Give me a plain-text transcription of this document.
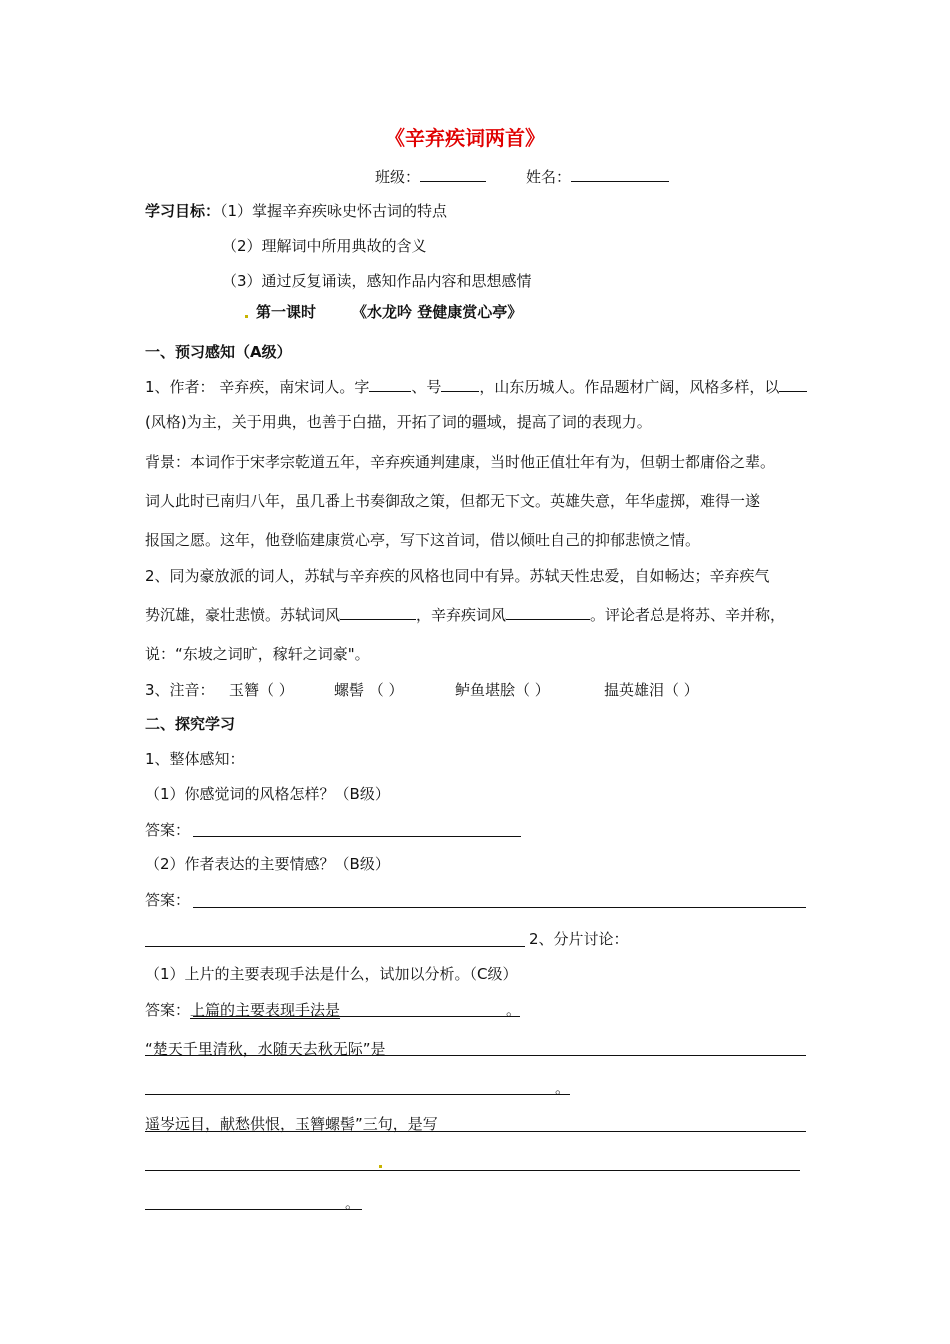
《辛弃疾词两首》
班级：	姓名：
学习目标：（1）掌握辛弃疾咏史怀古词的特点
（2）理解词中所用典故的含义
（3）通过反复诵读，感知作品内容和思想感情
第一课时 《水龙吟 登健康赏心亭》
一、预习感知（A级）
1、作者： 辛弃疾，南宋词人。字	、号	，山东历城人。作品题材广阔，风格多样，以
(风格)为主，关于用典，也善于白描，开拓了词的疆域，提高了词的表现力。
背景：本词作于宋孝宗乾道五年，辛弃疾通判建康，当时他正值壮年有为，但朝士都庸俗之辈。
词人此时已南归八年，虽几番上书奏御敌之策，但都无下文。英雄失意，年华虚掷，难得一遂
报国之愿。这年，他登临建康赏心亭，写下这首词，借以倾吐自己的抑郁悲愤之情。
2、同为豪放派的词人，苏轼与辛弃疾的风格也同中有异。苏轼天性忠爱，自如畅达；辛弃疾气
势沉雄，豪壮悲愤。苏轼词风	，辛弃疾词风	。评论者总是将苏、辛并称，
说：“东坡之词旷，稼轩之词豪"。
3、注音： 玉簪（ ）	螺髻 （ ）	鲈鱼堪脍（ ）	揾英雄泪（ ）
二、探究学习
1、整体感知：
（1）你感觉词的风格怎样？（B级）
答案：
（2）作者表达的主要情感？（B级）
答案：
2、分片讨论：
（1）上片的主要表现手法是什么，试加以分析。（C级）
答案：上篇的主要表现手法是	。
“楚天千里清秋，水随天去秋无际”是
。
遥岑远目，献愁供恨，玉簪螺髻”三句，是写
。
